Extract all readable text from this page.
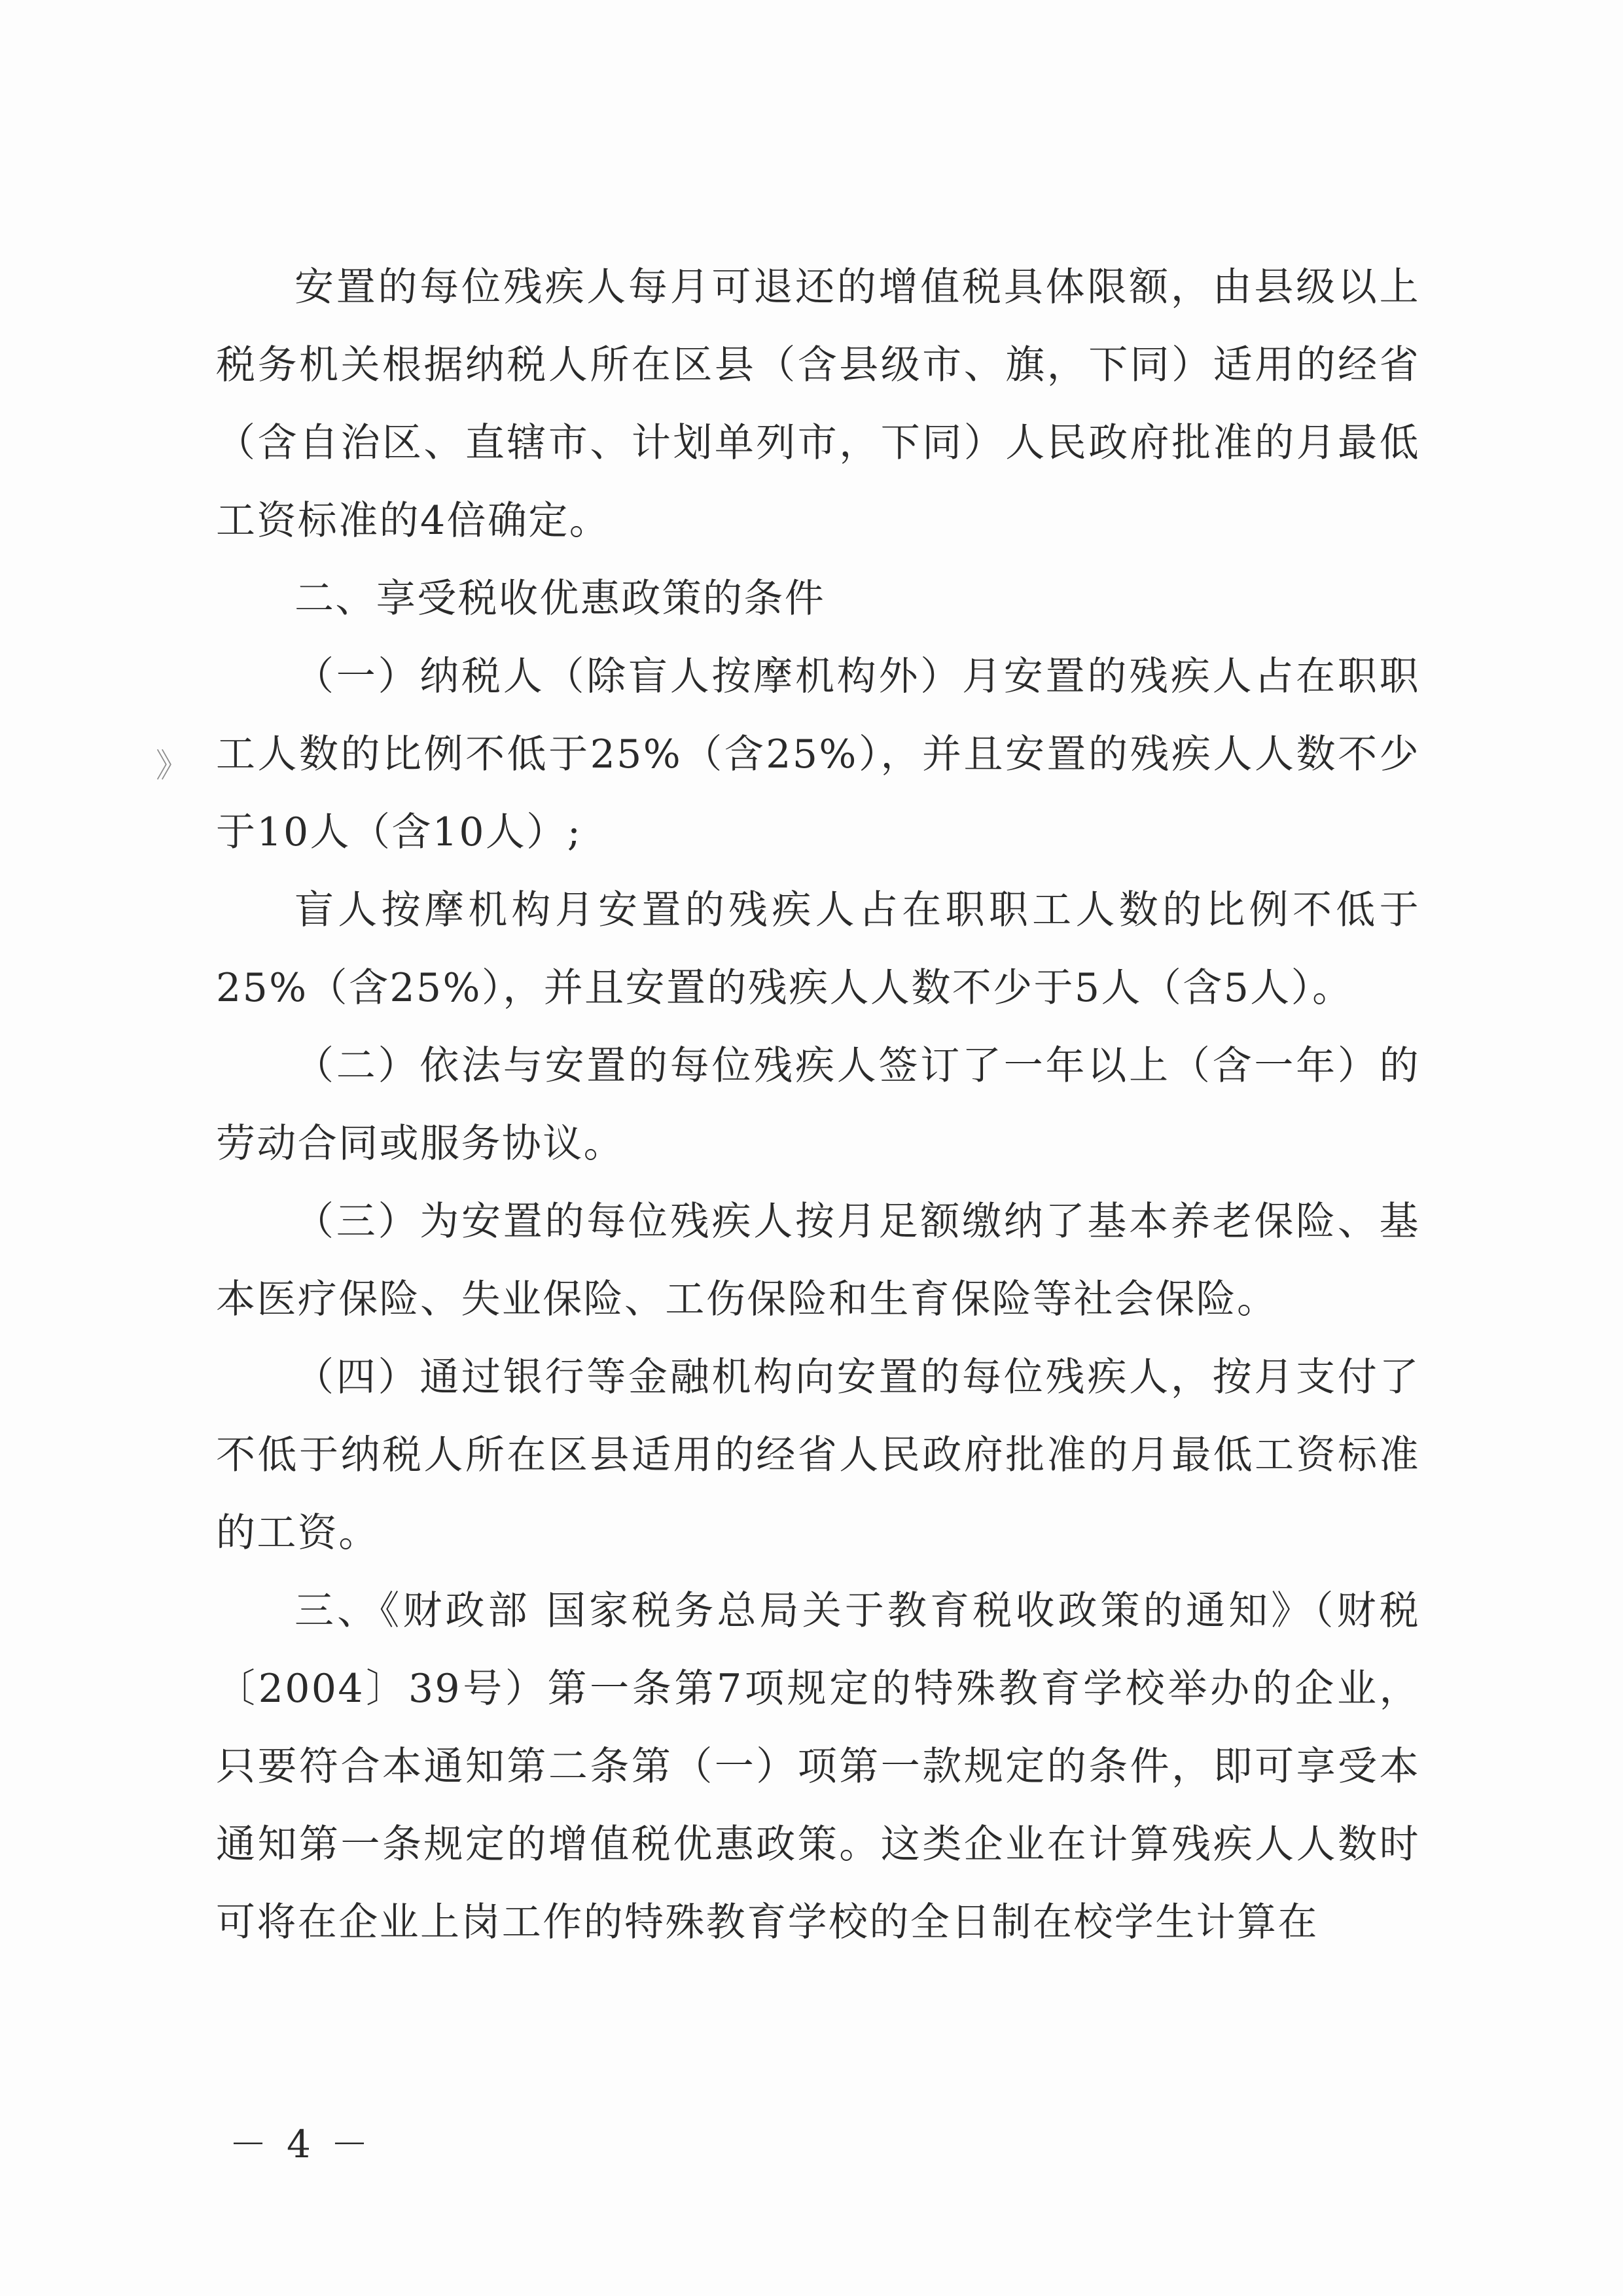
》

安置的每位残疾人每月可退还的增值税具体限额，由县级以上税务机关根据纳税人所在区县（含县级市、旗，下同）适用的经省（含自治区、直辖市、计划单列市，下同）人民政府批准的月最低工资标准的4倍确定。

二、享受税收优惠政策的条件

（一）纳税人（除盲人按摩机构外）月安置的残疾人占在职职工人数的比例不低于25%（含25%），并且安置的残疾人人数不少于10人（含10人）;

盲人按摩机构月安置的残疾人占在职职工人数的比例不低于25%（含25%），并且安置的残疾人人数不少于5人（含5人）。

（二）依法与安置的每位残疾人签订了一年以上（含一年）的劳动合同或服务协议。

（三）为安置的每位残疾人按月足额缴纳了基本养老保险、基本医疗保险、失业保险、工伤保险和生育保险等社会保险。

（四）通过银行等金融机构向安置的每位残疾人，按月支付了不低于纳税人所在区县适用的经省人民政府批准的月最低工资标准的工资。

三、《财政部 国家税务总局关于教育税收政策的通知》（财税〔2004〕39号）第一条第7项规定的特殊教育学校举办的企业，只要符合本通知第二条第（一）项第一款规定的条件，即可享受本通知第一条规定的增值税优惠政策。这类企业在计算残疾人人数时可将在企业上岗工作的特殊教育学校的全日制在校学生计算在

－ 4 －
